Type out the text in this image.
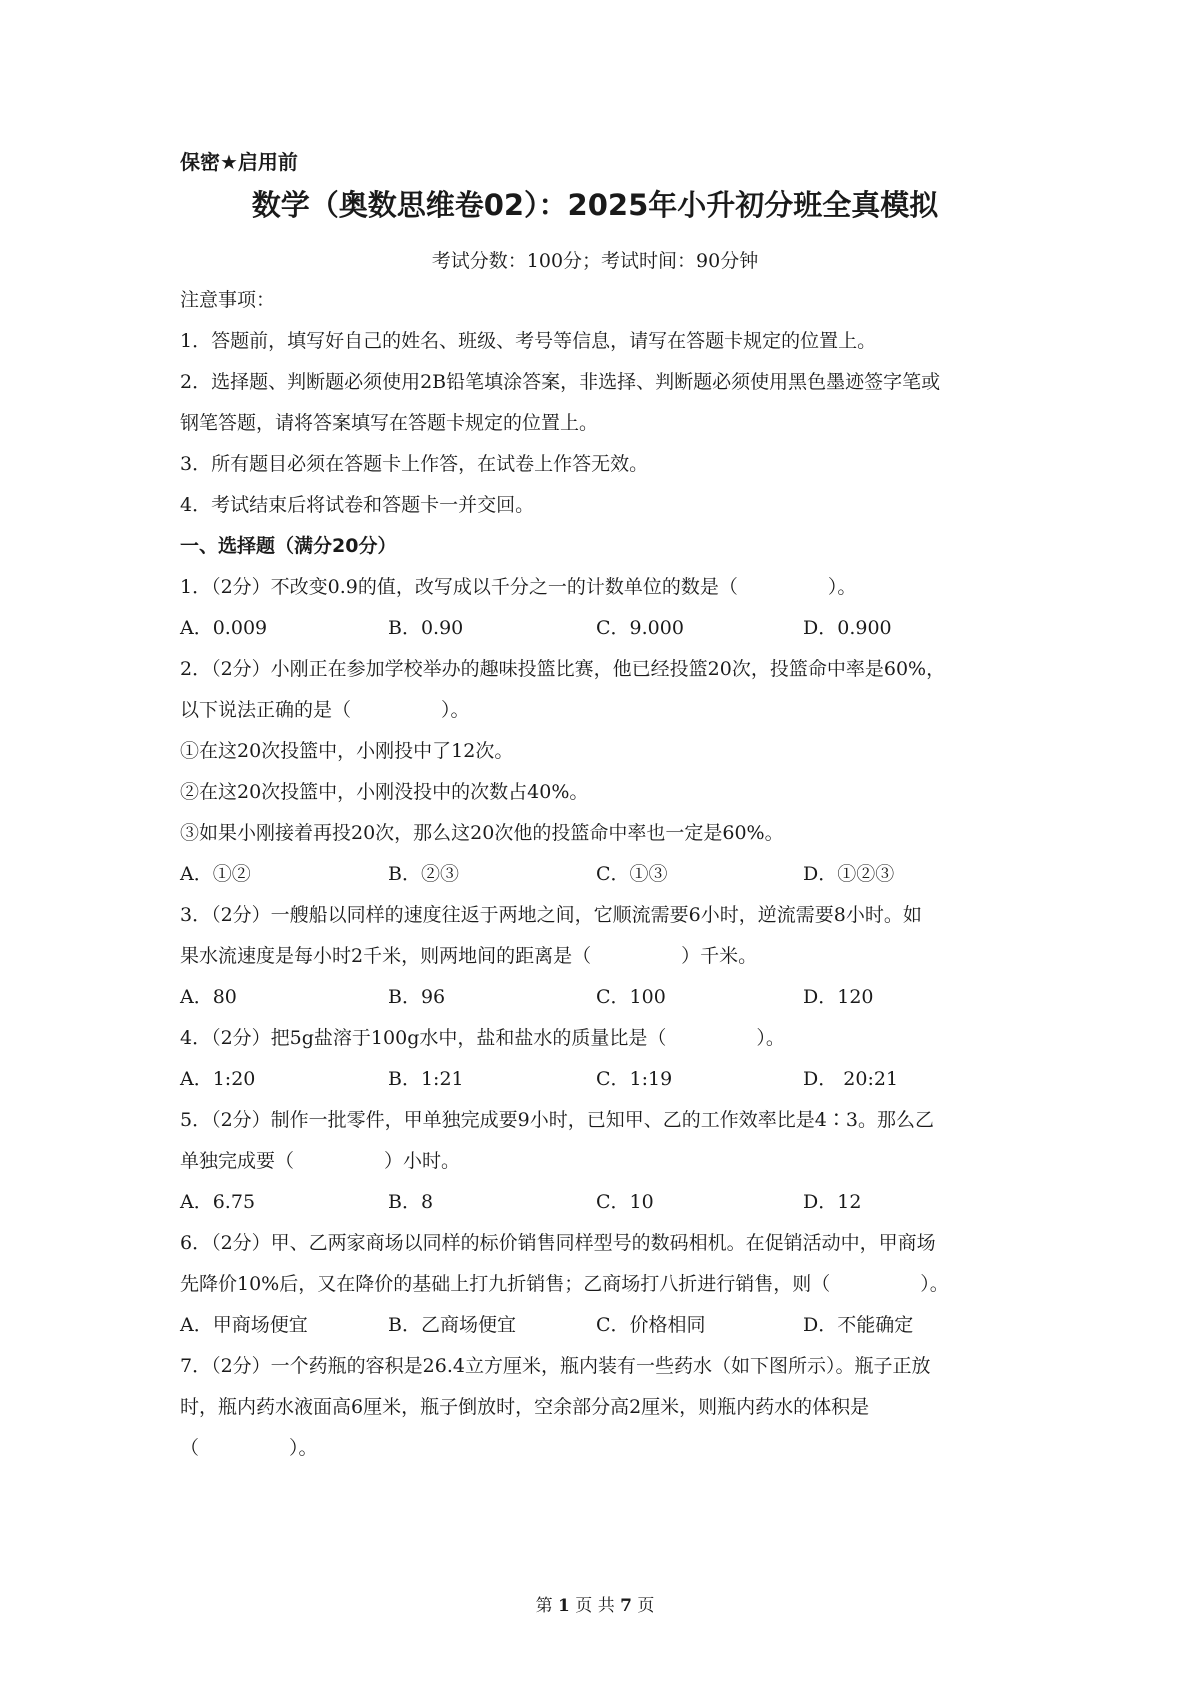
保密★启用前
数学（奥数思维卷02）：2025年小升初分班全真模拟
考试分数：100分；考试时间：90分钟
注意事项：
1．答题前，填写好自己的姓名、班级、考号等信息，请写在答题卡规定的位置上。
2．选择题、判断题必须使用2B铅笔填涂答案，非选择、判断题必须使用黑色墨迹签字笔或
钢笔答题，请将答案填写在答题卡规定的位置上。
3．所有题目必须在答题卡上作答，在试卷上作答无效。
4．考试结束后将试卷和答题卡一并交回。
一、选择题（满分20分）
1．（2分）不改变0.9的值，改写成以千分之一的计数单位的数是（	）。
A．0.009	B．0.90	C．9.000	D．0.900
2．（2分）小刚正在参加学校举办的趣味投篮比赛，他已经投篮20次，投篮命中率是60%，
以下说法正确的是（	）。
①在这20次投篮中，小刚投中了12次。
②在这20次投篮中，小刚没投中的次数占40%。
③如果小刚接着再投20次，那么这20次他的投篮命中率也一定是60%。
A．①②	B．②③	C．①③	D．①②③
3．（2分）一艘船以同样的速度往返于两地之间，它顺流需要6小时，逆流需要8小时。如
果水流速度是每小时2千米，则两地间的距离是（	）千米。
A．80	B．96	C．100	D．120
4．（2分）把5g盐溶于100g水中，盐和盐水的质量比是（	）。
A．1:20	B．1:21	C．1:19	D． 20:21
5．（2分）制作一批零件，甲单独完成要9小时，已知甲、乙的工作效率比是4∶3。那么乙
单独完成要（	）小时。
A．6.75	B．8	C．10	D．12
6．（2分）甲、乙两家商场以同样的标价销售同样型号的数码相机。在促销活动中，甲商场
先降价10%后，又在降价的基础上打九折销售；乙商场打八折进行销售，则（	）。
A．甲商场便宜	B．乙商场便宜	C．价格相同	D．不能确定
7．（2分）一个药瓶的容积是26.4立方厘米，瓶内装有一些药水（如下图所示）。瓶子正放
时，瓶内药水液面高6厘米，瓶子倒放时，空余部分高2厘米，则瓶内药水的体积是
（	）。
第 1 页 共 7 页
